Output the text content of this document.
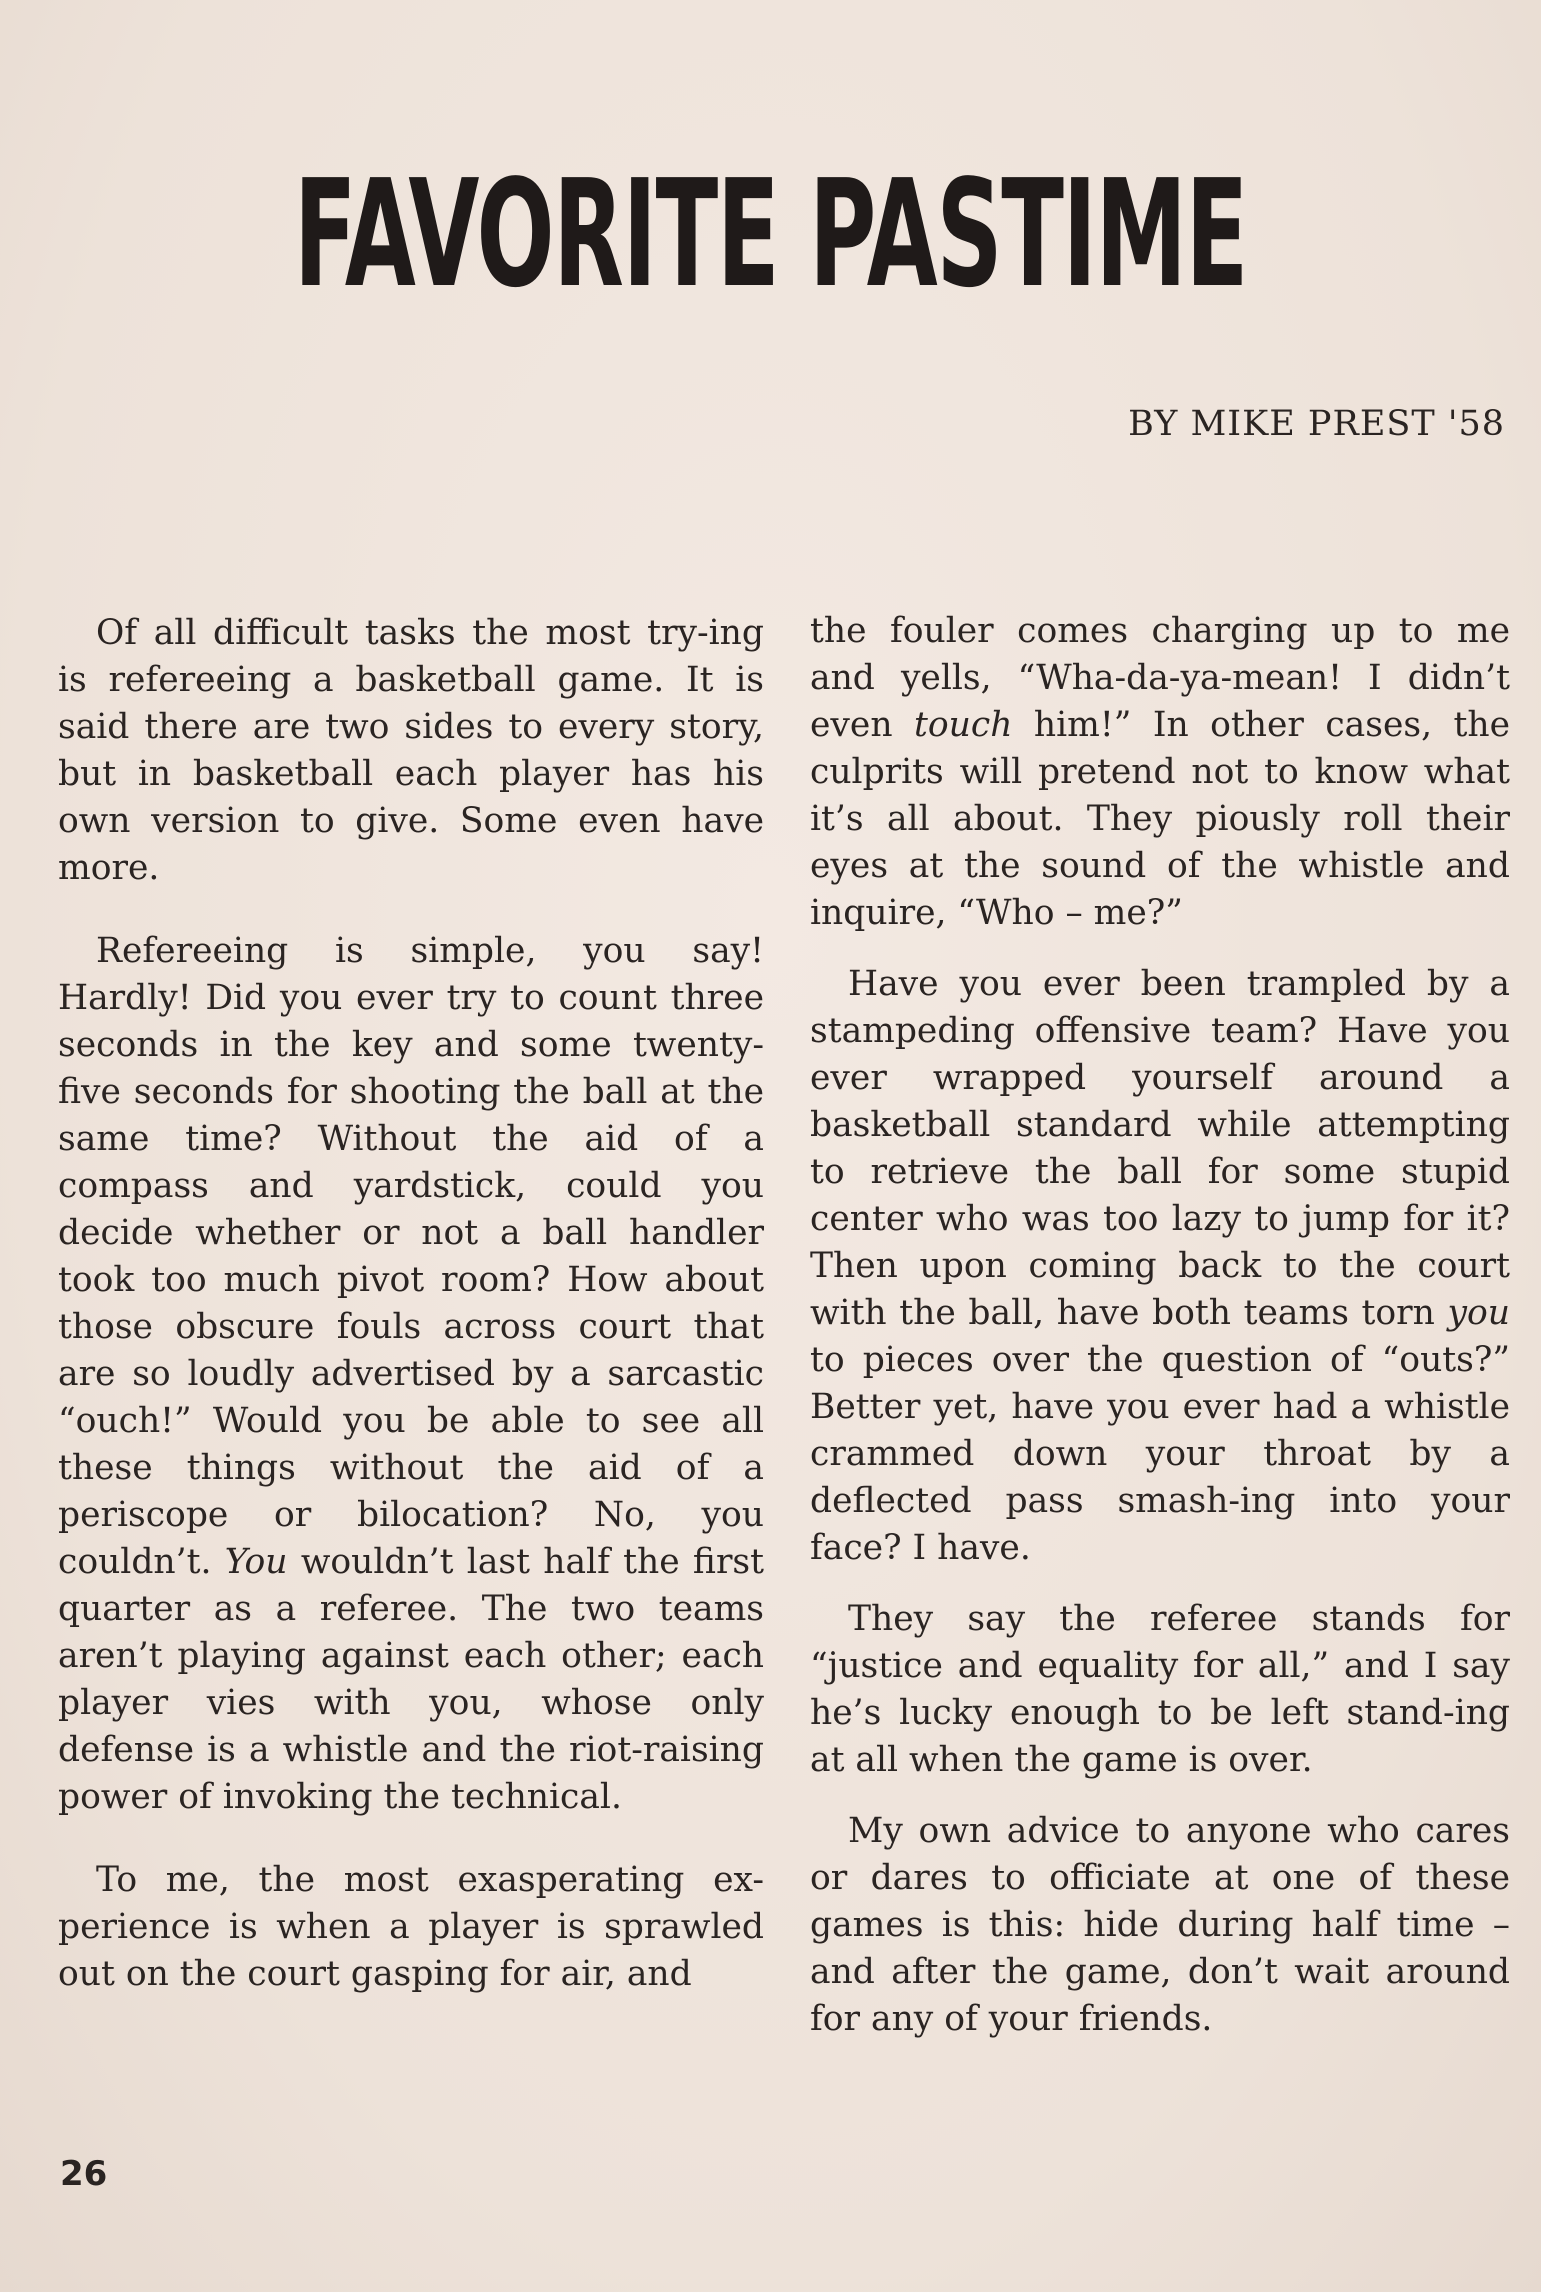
FAVORITE PASTIME
BY MIKE PREST '58

Of all difficult tasks the most try-ing is refereeing a basketball game. It is said there are two sides to every story, but in basketball each player has his own version to give. Some even have more.

Refereeing is simple, you say! Hardly! Did you ever try to count three seconds in the key and some twenty-five seconds for shooting the ball at the same time? Without the aid of a compass and yardstick, could you decide whether or not a ball handler took too much pivot room? How about those obscure fouls across court that are so loudly advertised by a sarcastic “ouch!” Would you be able to see all these things without the aid of a periscope or bilocation? No, you couldn’t. You wouldn’t last half the first quarter as a referee. The two teams aren’t playing against each other; each player vies with you, whose only defense is a whistle and the riot-raising power of invoking the technical.

To me, the most exasperating ex-perience is when a player is sprawled out on the court gasping for air, and

the fouler comes charging up to me and yells, “Wha-da-ya-mean! I didn’t even touch him!” In other cases, the culprits will pretend not to know what it’s all about. They piously roll their eyes at the sound of the whistle and inquire, “Who – me?”

Have you ever been trampled by a stampeding offensive team? Have you ever wrapped yourself around a basketball standard while attempting to retrieve the ball for some stupid center who was too lazy to jump for it? Then upon coming back to the court with the ball, have both teams torn you to pieces over the question of “outs?” Better yet, have you ever had a whistle crammed down your throat by a deflected pass smash-ing into your face? I have.

They say the referee stands for “justice and equality for all,” and I say he’s lucky enough to be left stand-ing at all when the game is over.

My own advice to anyone who cares or dares to officiate at one of these games is this: hide during half time – and after the game, don’t wait around for any of your friends.

26
